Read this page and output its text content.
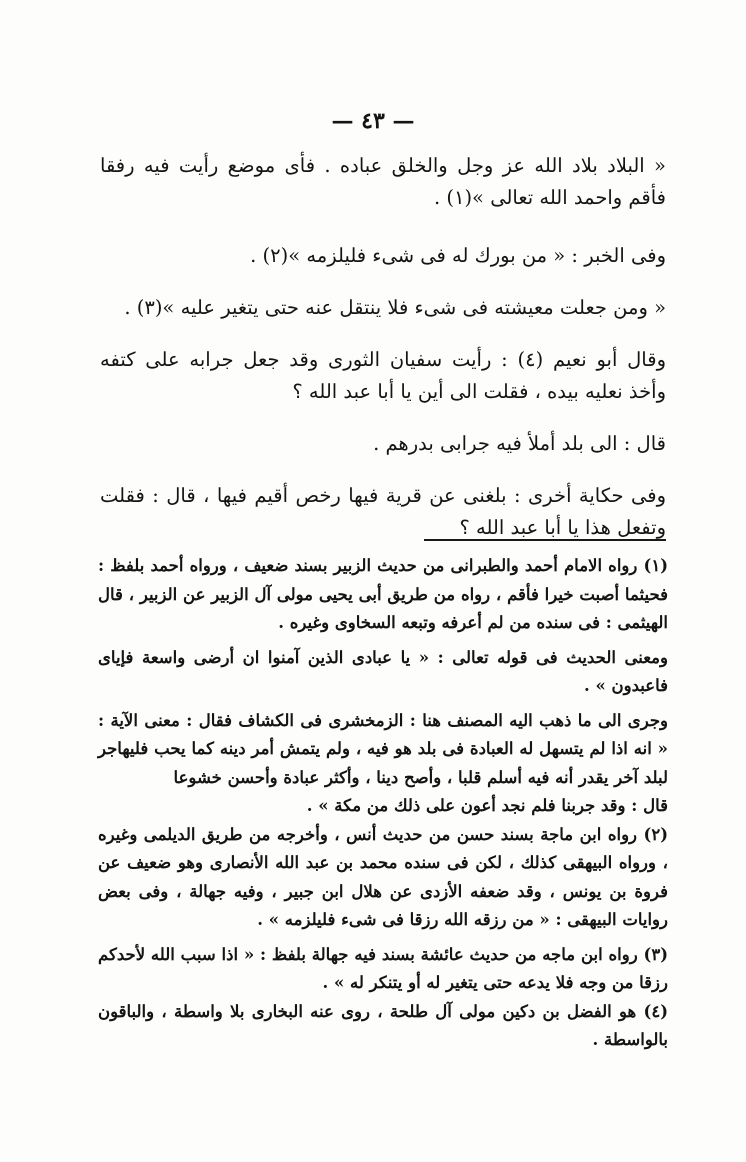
— ٤٣ —

« البلاد بلاد الله عز وجل والخلق عباده . فأى موضع رأيت فيه رفقا فأقم واحمد الله تعالى »(١) .

وفى الخبر : « من بورك له فى شىء فليلزمه »(٢) .

« ومن جعلت معيشته فى شىء فلا ينتقل عنه حتى يتغير عليه »(٣) .

وقال أبو نعيم (٤) : رأيت سفيان الثورى وقد جعل جرابه على كتفه وأخذ نعليه بيده ، فقلت الى أين يا أبا عبد الله ؟

قال : الى بلد أملأ فيه جرابى بدرهم .

وفى حكاية أخرى : بلغنى عن قرية فيها رخص أقيم فيها ، قال : فقلت وتفعل هذا يا أبا عبد الله ؟

(١) رواه الامام أحمد والطبرانى من حديث الزبير بسند ضعيف ، ورواه أحمد بلفظ : فحيثما أصبت خيرا فأقم ، رواه من طريق أبى يحيى مولى آل الزبير عن الزبير ، قال الهيثمى : فى سنده من لم أعرفه وتبعه السخاوى وغيره .

ومعنى الحديث فى قوله تعالى : « يا عبادى الذين آمنوا ان أرضى واسعة فإياى فاعبدون » .

وجرى الى ما ذهب اليه المصنف هنا : الزمخشرى فى الكشاف فقال : معنى الآية : « انه اذا لم يتسهل له العبادة فى بلد هو فيه ، ولم يتمش أمر دينه كما يحب فليهاجر لبلد آخر يقدر أنه فيه أسلم قلبا ، وأصح دينا ، وأكثر عبادة وأحسن خشوعا

قال : وقد جربنا فلم نجد أعون على ذلك من مكة » .

(٢) رواه ابن ماجة بسند حسن من حديث أنس ، وأخرجه من طريق الديلمى وغيره ، ورواه البيهقى كذلك ، لكن فى سنده محمد بن عبد الله الأنصارى وهو ضعيف عن فروة بن يونس ، وقد ضعفه الأزدى عن هلال ابن جبير ، وفيه جهالة ، وفى بعض روايات البيهقى : « من رزقه الله رزقا فى شىء فليلزمه » .

(٣) رواه ابن ماجه من حديث عائشة بسند فيه جهالة بلفظ : « اذا سبب الله لأحدكم رزقا من وجه فلا يدعه حتى يتغير له أو يتنكر له » .

(٤) هو الفضل بن دكين مولى آل طلحة ، روى عنه البخارى بلا واسطة ، والباقون بالواسطة .
